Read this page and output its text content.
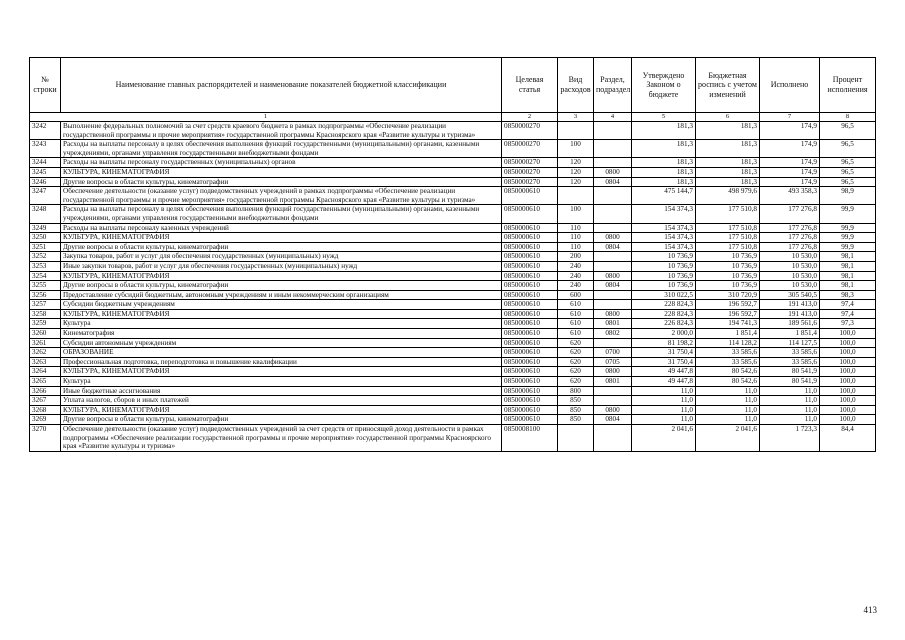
№ строки	Наименование главных распорядителей и наименование показателей бюджетной классификации	Целевая статья	Вид расходов	Раздел, подраздел	Утверждено Законом о бюджете	Бюджетная роспись с учетом изменений	Исполнено	Процент исполнения
1		2	3	4	5	6	7	8
3242	Выполнение федеральных полномочий за счет средств краевого бюджета в рамках подпрограммы «Обеспечение реализации государственной программы и прочие мероприятия» государственной программы Красноярского края «Развитие культуры и туризма»	0850000270			181,3	181,3	174,9	96,5
3243	Расходы на выплаты персоналу в целях обеспечения выполнения функций государственными (муниципальными) органами, казенными учреждениями, органами управления государственными внебюджетными фондами	0850000270	100		181,3	181,3	174,9	96,5
3244	Расходы на выплаты персоналу государственных (муниципальных) органов	0850000270	120		181,3	181,3	174,9	96,5
3245	КУЛЬТУРА, КИНЕМАТОГРАФИЯ	0850000270	120	0800	181,3	181,3	174,9	96,5
3246	Другие вопросы в области культуры, кинематографии	0850000270	120	0804	181,3	181,3	174,9	96,5
3247	Обеспечение деятельности (оказание услуг) подведомственных учреждений в рамках подпрограммы «Обеспечение реализации государственной программы и прочие мероприятия» государственной программы Красноярского края «Развитие культуры и туризма»	0850000610			475 144,7	498 979,6	493 358,3	98,9
3248	Расходы на выплаты персоналу в целях обеспечения выполнения функций государственными (муниципальными) органами, казенными учреждениями, органами управления государственными внебюджетными фондами	0850000610	100		154 374,3	177 510,8	177 276,8	99,9
3249	Расходы на выплаты персоналу казенных учреждений	0850000610	110		154 374,3	177 510,8	177 276,8	99,9
3250	КУЛЬТУРА, КИНЕМАТОГРАФИЯ	0850000610	110	0800	154 374,3	177 510,8	177 276,8	99,9
3251	Другие вопросы в области культуры, кинематографии	0850000610	110	0804	154 374,3	177 510,8	177 276,8	99,9
3252	Закупка товаров, работ и услуг для обеспечения государственных (муниципальных) нужд	0850000610	200		10 736,9	10 736,9	10 530,0	98,1
3253	Иные закупки товаров, работ и услуг для обеспечения государственных (муниципальных) нужд	0850000610	240		10 736,9	10 736,9	10 530,0	98,1
3254	КУЛЬТУРА, КИНЕМАТОГРАФИЯ	0850000610	240	0800	10 736,9	10 736,9	10 530,0	98,1
3255	Другие вопросы в области культуры, кинематографии	0850000610	240	0804	10 736,9	10 736,9	10 530,0	98,1
3256	Предоставление субсидий бюджетным, автономным учреждениям и иным некоммерческим организациям	0850000610	600		310 022,5	310 720,9	305 540,5	98,3
3257	Субсидии бюджетным учреждениям	0850000610	610		228 824,3	196 592,7	191 413,0	97,4
3258	КУЛЬТУРА, КИНЕМАТОГРАФИЯ	0850000610	610	0800	228 824,3	196 592,7	191 413,0	97,4
3259	Культура	0850000610	610	0801	226 824,3	194 741,3	189 561,6	97,3
3260	Кинематография	0850000610	610	0802	2 000,0	1 851,4	1 851,4	100,0
3261	Субсидии автономным учреждениям	0850000610	620		81 198,2	114 128,2	114 127,5	100,0
3262	ОБРАЗОВАНИЕ	0850000610	620	0700	31 750,4	33 585,6	33 585,6	100,0
3263	Профессиональная подготовка, переподготовка и повышение квалификации	0850000610	620	0705	31 750,4	33 585,6	33 585,6	100,0
3264	КУЛЬТУРА, КИНЕМАТОГРАФИЯ	0850000610	620	0800	49 447,8	80 542,6	80 541,9	100,0
3265	Культура	0850000610	620	0801	49 447,8	80 542,6	80 541,9	100,0
3266	Иные бюджетные ассигнования	0850000610	800		11,0	11,0	11,0	100,0
3267	Уплата налогов, сборов и иных платежей	0850000610	850		11,0	11,0	11,0	100,0
3268	КУЛЬТУРА, КИНЕМАТОГРАФИЯ	0850000610	850	0800	11,0	11,0	11,0	100,0
3269	Другие вопросы в области культуры, кинематографии	0850000610	850	0804	11,0	11,0	11,0	100,0
3270	Обеспечение деятельности (оказание услуг) подведомственных учреждений за счет средств от приносящей доход деятельности в рамках подпрограммы «Обеспечение реализации государственной программы и прочие мероприятия» государственной программы Красноярского края «Развитие культуры и туризма»	0850008100			2 041,6	2 041,6	1 723,3	84,4
413
